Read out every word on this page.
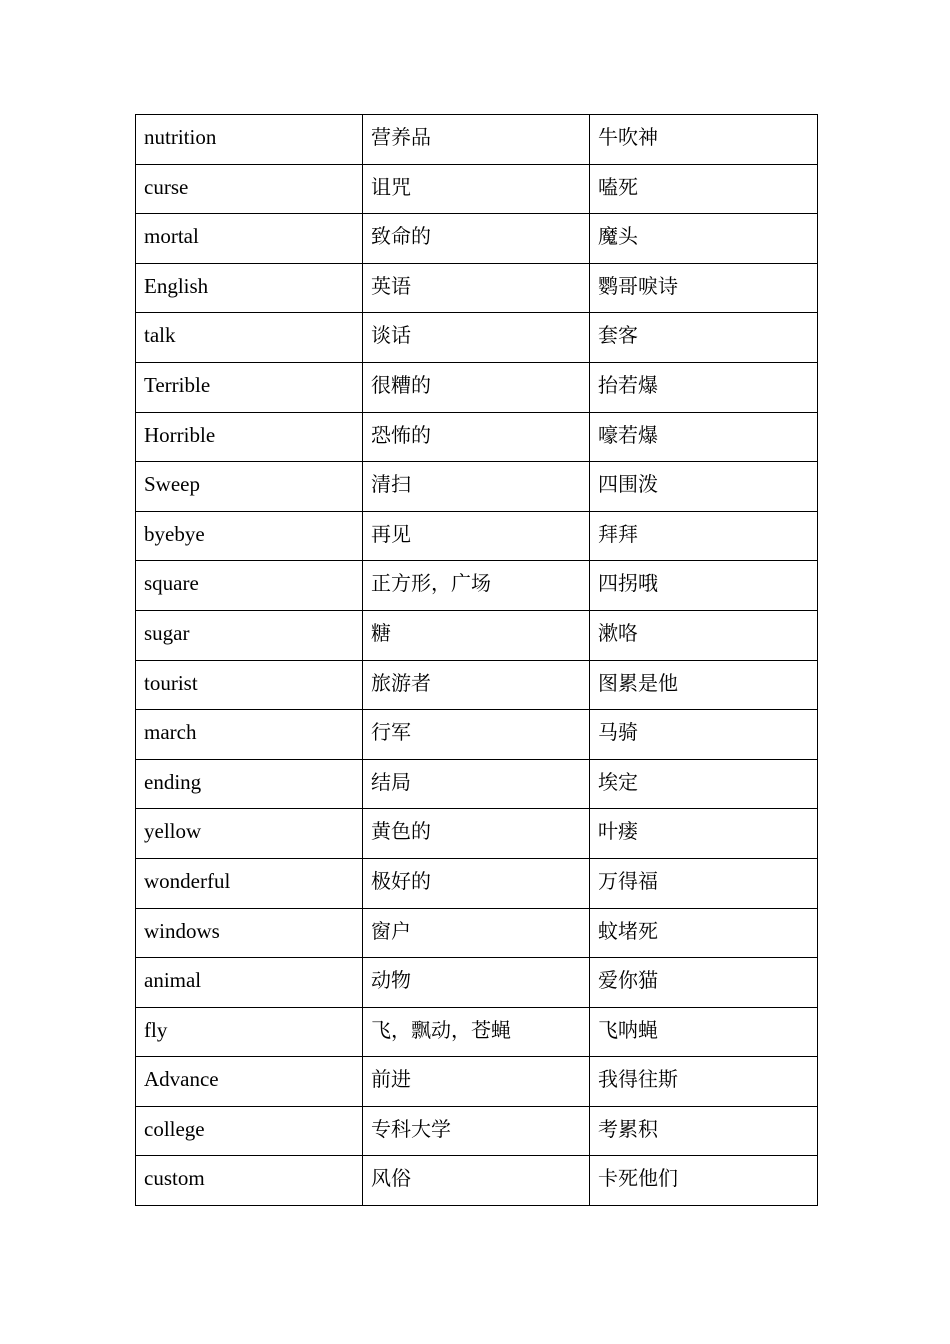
nutrition	营养品	牛吹神

curse	诅咒	嗑死

mortal	致命的	魔头

English	英语	鹦哥唳诗

talk	谈话	套客

Terrible	很糟的	抬若爆

Horrible	恐怖的	嚎若爆

Sweep	清扫	四围泼

byebye	再见	拜拜

square	正方形，广场	四拐哦

sugar	糖	漱咯

tourist	旅游者	图累是他

march	行军	马骑

ending	结局	埃定

yellow	黄色的	叶瘘

wonderful	极好的	万得福

windows	窗户	蚊堵死

animal	动物	爱你猫

fly	飞，飘动，苍蝇	飞呐蝇

Advance	前进	我得往斯

college	专科大学	考累积

custom	风俗	卡死他们
